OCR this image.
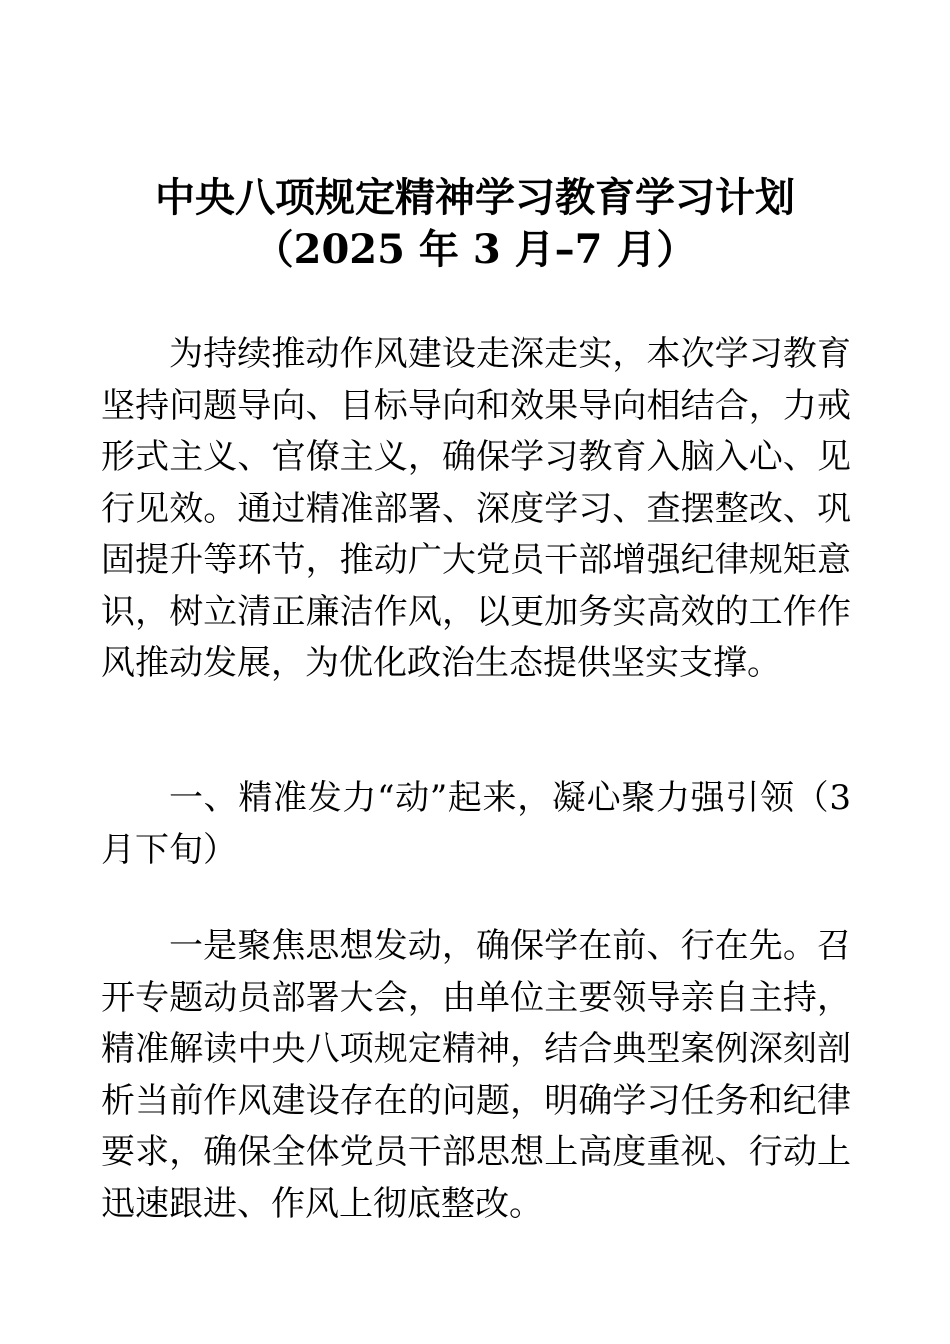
中央八项规定精神学习教育学习计划
（2025 年 3 月–7 月）

为持续推动作风建设走深走实，本次学习教育坚持问题导向、目标导向和效果导向相结合，力戒形式主义、官僚主义，确保学习教育入脑入心、见行见效。通过精准部署、深度学习、查摆整改、巩固提升等环节，推动广大党员干部增强纪律规矩意识，树立清正廉洁作风，以更加务实高效的工作作风推动发展，为优化政治生态提供坚实支撑。

一、精准发力“动”起来，凝心聚力强引领（3 月下旬）

一是聚焦思想发动，确保学在前、行在先。召开专题动员部署大会，由单位主要领导亲自主持，精准解读中央八项规定精神，结合典型案例深刻剖析当前作风建设存在的问题，明确学习任务和纪律要求，确保全体党员干部思想上高度重视、行动上迅速跟进、作风上彻底整改。
